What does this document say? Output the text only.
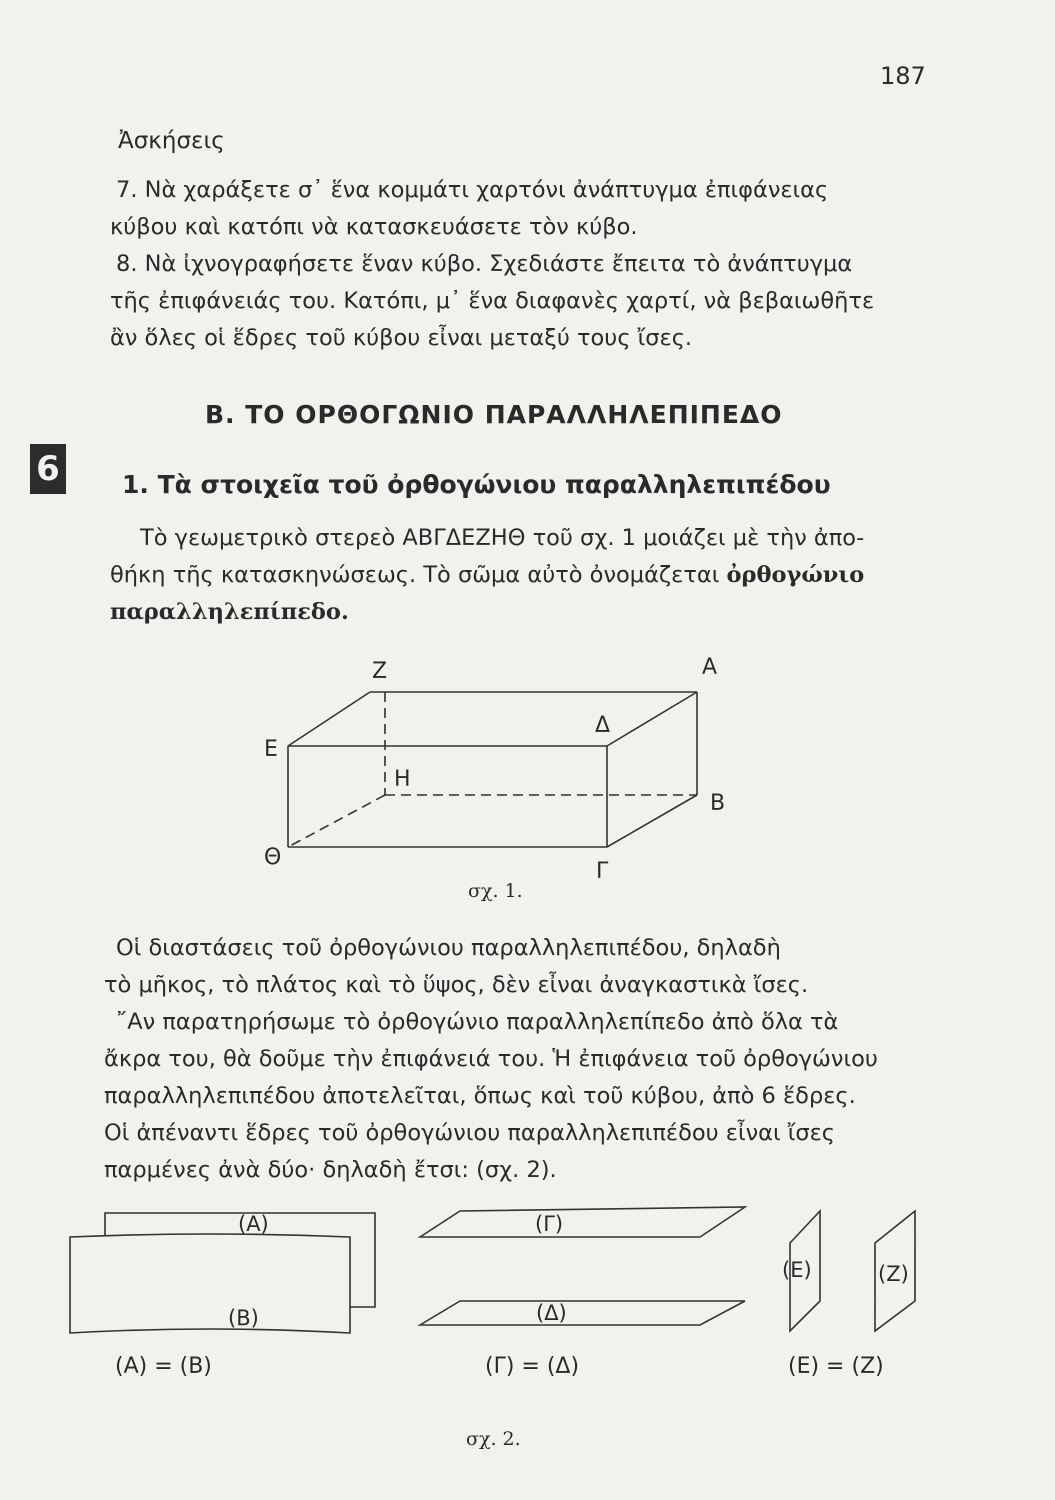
187
Ἀσκήσεις
7. Νὰ χαράξετε σ᾽ ἕνα κομμάτι χαρτόνι ἀνάπτυγμα ἐπιφάνειας
κύβου καὶ κατόπι νὰ κατασκευάσετε τὸν κύβο.
8. Νὰ ἰχνογραφήσετε ἕναν κύβο. Σχεδιάστε ἔπειτα τὸ ἀνάπτυγμα
τῆς ἐπιφάνειάς του. Κατόπι, μ᾽ ἕνα διαφανὲς χαρτί, νὰ βεβαιωθῆτε
ἂν ὅλες οἱ ἕδρες τοῦ κύβου εἶναι μεταξύ τους ἴσες.
Β. ΤΟ ΟΡΘΟΓΩΝΙΟ ΠΑΡΑΛΛΗΛΕΠΙΠΕΔΟ
6 1. Τὰ στοιχεῖα τοῦ ὀρθογώνιου παραλληλεπιπέδου
Τὸ γεωμετρικὸ στερεὸ ΑΒΓΔΕΖΗΘ τοῦ σχ. 1 μοιάζει μὲ τὴν ἀπο-
θήκη τῆς κατασκηνώσεως. Τὸ σῶμα αὐτὸ ὀνομάζεται ὀρθογώνιο
παραλληλεπίπεδο.
Ζ	Α
Δ
Ε
Η
Β
Θ
Γ
σχ. 1.
Οἱ διαστάσεις τοῦ ὀρθογώνιου παραλληλεπιπέδου, δηλαδὴ
τὸ μῆκος, τὸ πλάτος καὶ τὸ ὕψος, δὲν εἶναι ἀναγκαστικὰ ἴσες.
῎Αν παρατηρήσωμε τὸ ὀρθογώνιο παραλληλεπίπεδο ἀπὸ ὅλα τὰ
ἄκρα του, θὰ δοῦμε τὴν ἐπιφάνειά του. Ἡ ἐπιφάνεια τοῦ ὀρθογώνιου
παραλληλεπιπέδου ἀποτελεῖται, ὅπως καὶ τοῦ κύβου, ἀπὸ 6 ἕδρες.
Οἱ ἀπέναντι ἕδρες τοῦ ὀρθογώνιου παραλληλεπιπέδου εἶναι ἴσες
παρμένες ἀνὰ δύο· δηλαδὴ ἔτσι: (σχ. 2).
(Α)
(Β)
(Γ)
(Δ)
(Ε)	(Ζ)
(Α) = (Β)	(Γ) = (Δ)	(Ε) = (Ζ)
σχ. 2.
